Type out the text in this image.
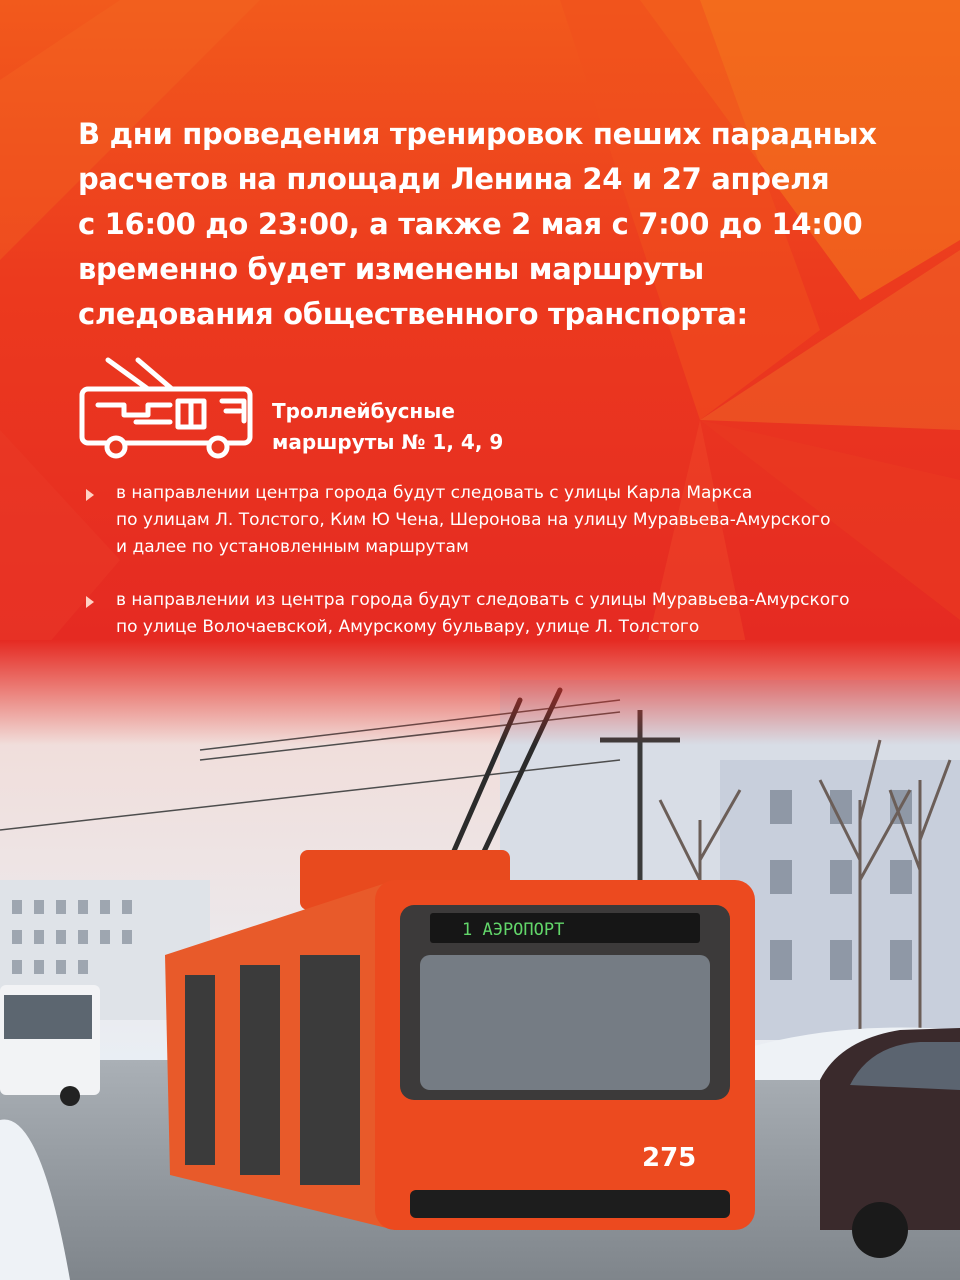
В дни проведения тренировок пеших парадных
расчетов на площади Ленина 24 и 27 апреля
с 16:00 до 23:00, а также 2 мая с 7:00 до 14:00
временно будет изменены маршруты
следования общественного транспорта:

Троллейбусные
маршруты № 1, 4, 9

в направлении центра города будут следовать с улицы Карла Маркса
по улицам Л. Толстого, Ким Ю Чена, Шеронова на улицу Муравьева-Амурского
и далее по установленным маршрутам
в направлении из центра города будут следовать с улицы Муравьева-Амурского
по улице Волочаевской, Амурскому бульвару, улице Л. Толстого
275
